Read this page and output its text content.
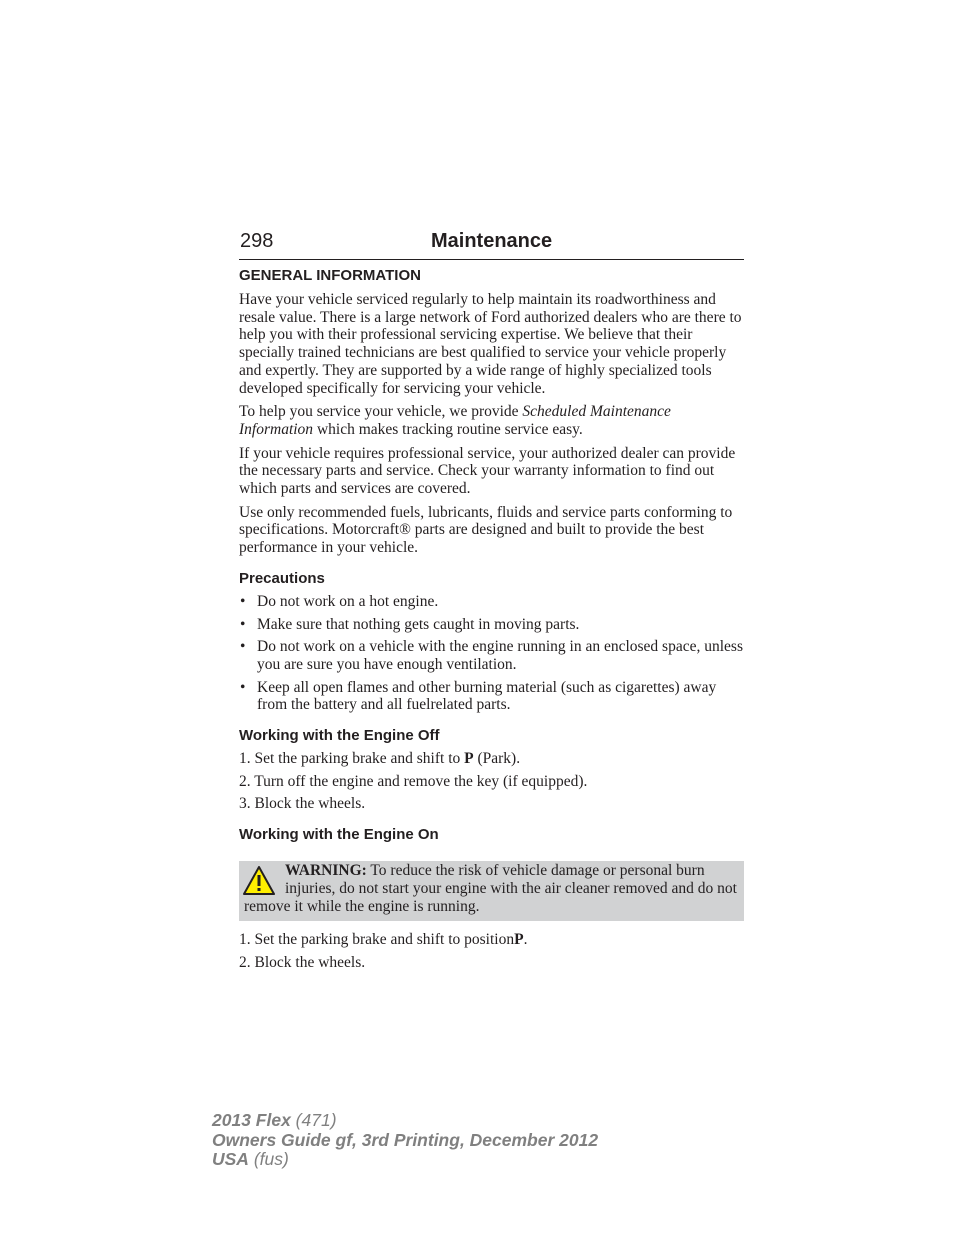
298	Maintenance
GENERAL INFORMATION

Have your vehicle serviced regularly to help maintain its roadworthiness and resale value. There is a large network of Ford authorized dealers who are there to help you with their professional servicing expertise. We believe that their specially trained technicians are best qualified to service your vehicle properly and expertly. They are supported by a wide range of highly specialized tools developed specifically for servicing your vehicle.

To help you service your vehicle, we provide Scheduled Maintenance Information which makes tracking routine service easy.

If your vehicle requires professional service, your authorized dealer can provide the necessary parts and service. Check your warranty information to find out which parts and services are covered.

Use only recommended fuels, lubricants, fluids and service parts conforming to specifications. Motorcraft® parts are designed and built to provide the best performance in your vehicle.

Precautions
• Do not work on a hot engine.
• Make sure that nothing gets caught in moving parts.
• Do not work on a vehicle with the engine running in an enclosed space, unless you are sure you have enough ventilation.
• Keep all open flames and other burning material (such as cigarettes) away from the battery and all fuelrelated parts.
Working with the Engine Off
1. Set the parking brake and shift to P (Park).
2. Turn off the engine and remove the key (if equipped).
3. Block the wheels.
Working with the Engine On
WARNING: To reduce the risk of vehicle damage or personal burn injuries, do not start your engine with the air cleaner removed and do not remove it while the engine is running.
1. Set the parking brake and shift to positionP.
2. Block the wheels.
2013 Flex (471)
Owners Guide gf, 3rd Printing, December 2012
USA (fus)
